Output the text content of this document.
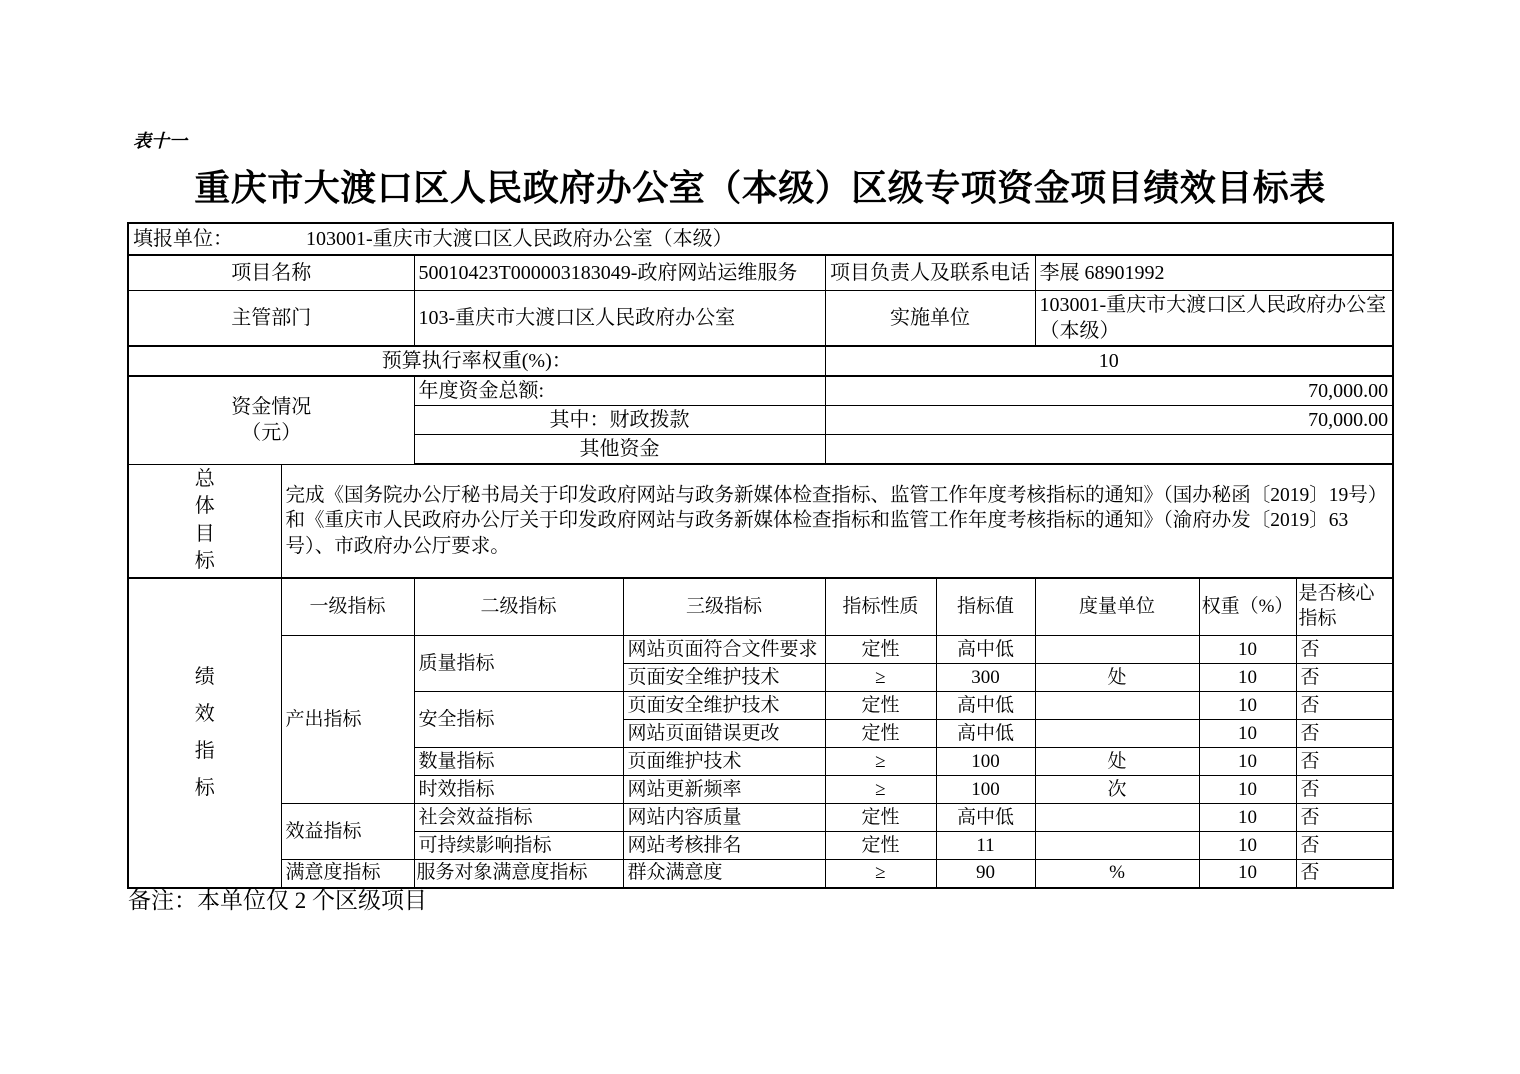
表十一
重庆市大渡口区人民政府办公室（本级）区级专项资金项目绩效目标表
填报单位： 103001-重庆市大渡口区人民政府办公室（本级）								
项目名称		50010423T000003183049-政府网站运维服务		项目负责人及联系电话		李展 68901992		
主管部门		103-重庆市大渡口区人民政府办公室		实施单位		103001-重庆市大渡口区人民政府办公室（本级）		
预算执行率权重(%)：				10				

资金情况
（元）		年度资金总额:		70,000.00				
		其中：财政拨款		70,000.00				
		其他资金						
总体目标	完成《国务院办公厅秘书局关于印发政府网站与政务新媒体检查指标、监管工作年度考核指标的通知》（国办秘函〔2019〕19号）和《重庆市人民政府办公厅关于印发政府网站与政务新媒体检查指标和监管工作年度考核指标的通知》（渝府办发〔2019〕63号）、市政府办公厅要求。							
绩效指标	一级指标	二级指标	三级指标	指标性质	指标值	度量单位	权重（%）	是否核心指标
	产出指标	质量指标	网站页面符合文件要求	定性	高中低		10	否
			页面安全维护技术	≥	300	处	10	否
		安全指标	页面安全维护技术	定性	高中低		10	否
			网站页面错误更改	定性	高中低		10	否
		数量指标	页面维护技术	≥	100	处	10	否
		时效指标	网站更新频率	≥	100	次	10	否
	效益指标	社会效益指标	网站内容质量	定性	高中低		10	否
		可持续影响指标	网站考核排名	定性	11		10	否
	满意度指标	服务对象满意度指标	群众满意度	≥	90	%	10	否
备注：本单位仅 2 个区级项目
